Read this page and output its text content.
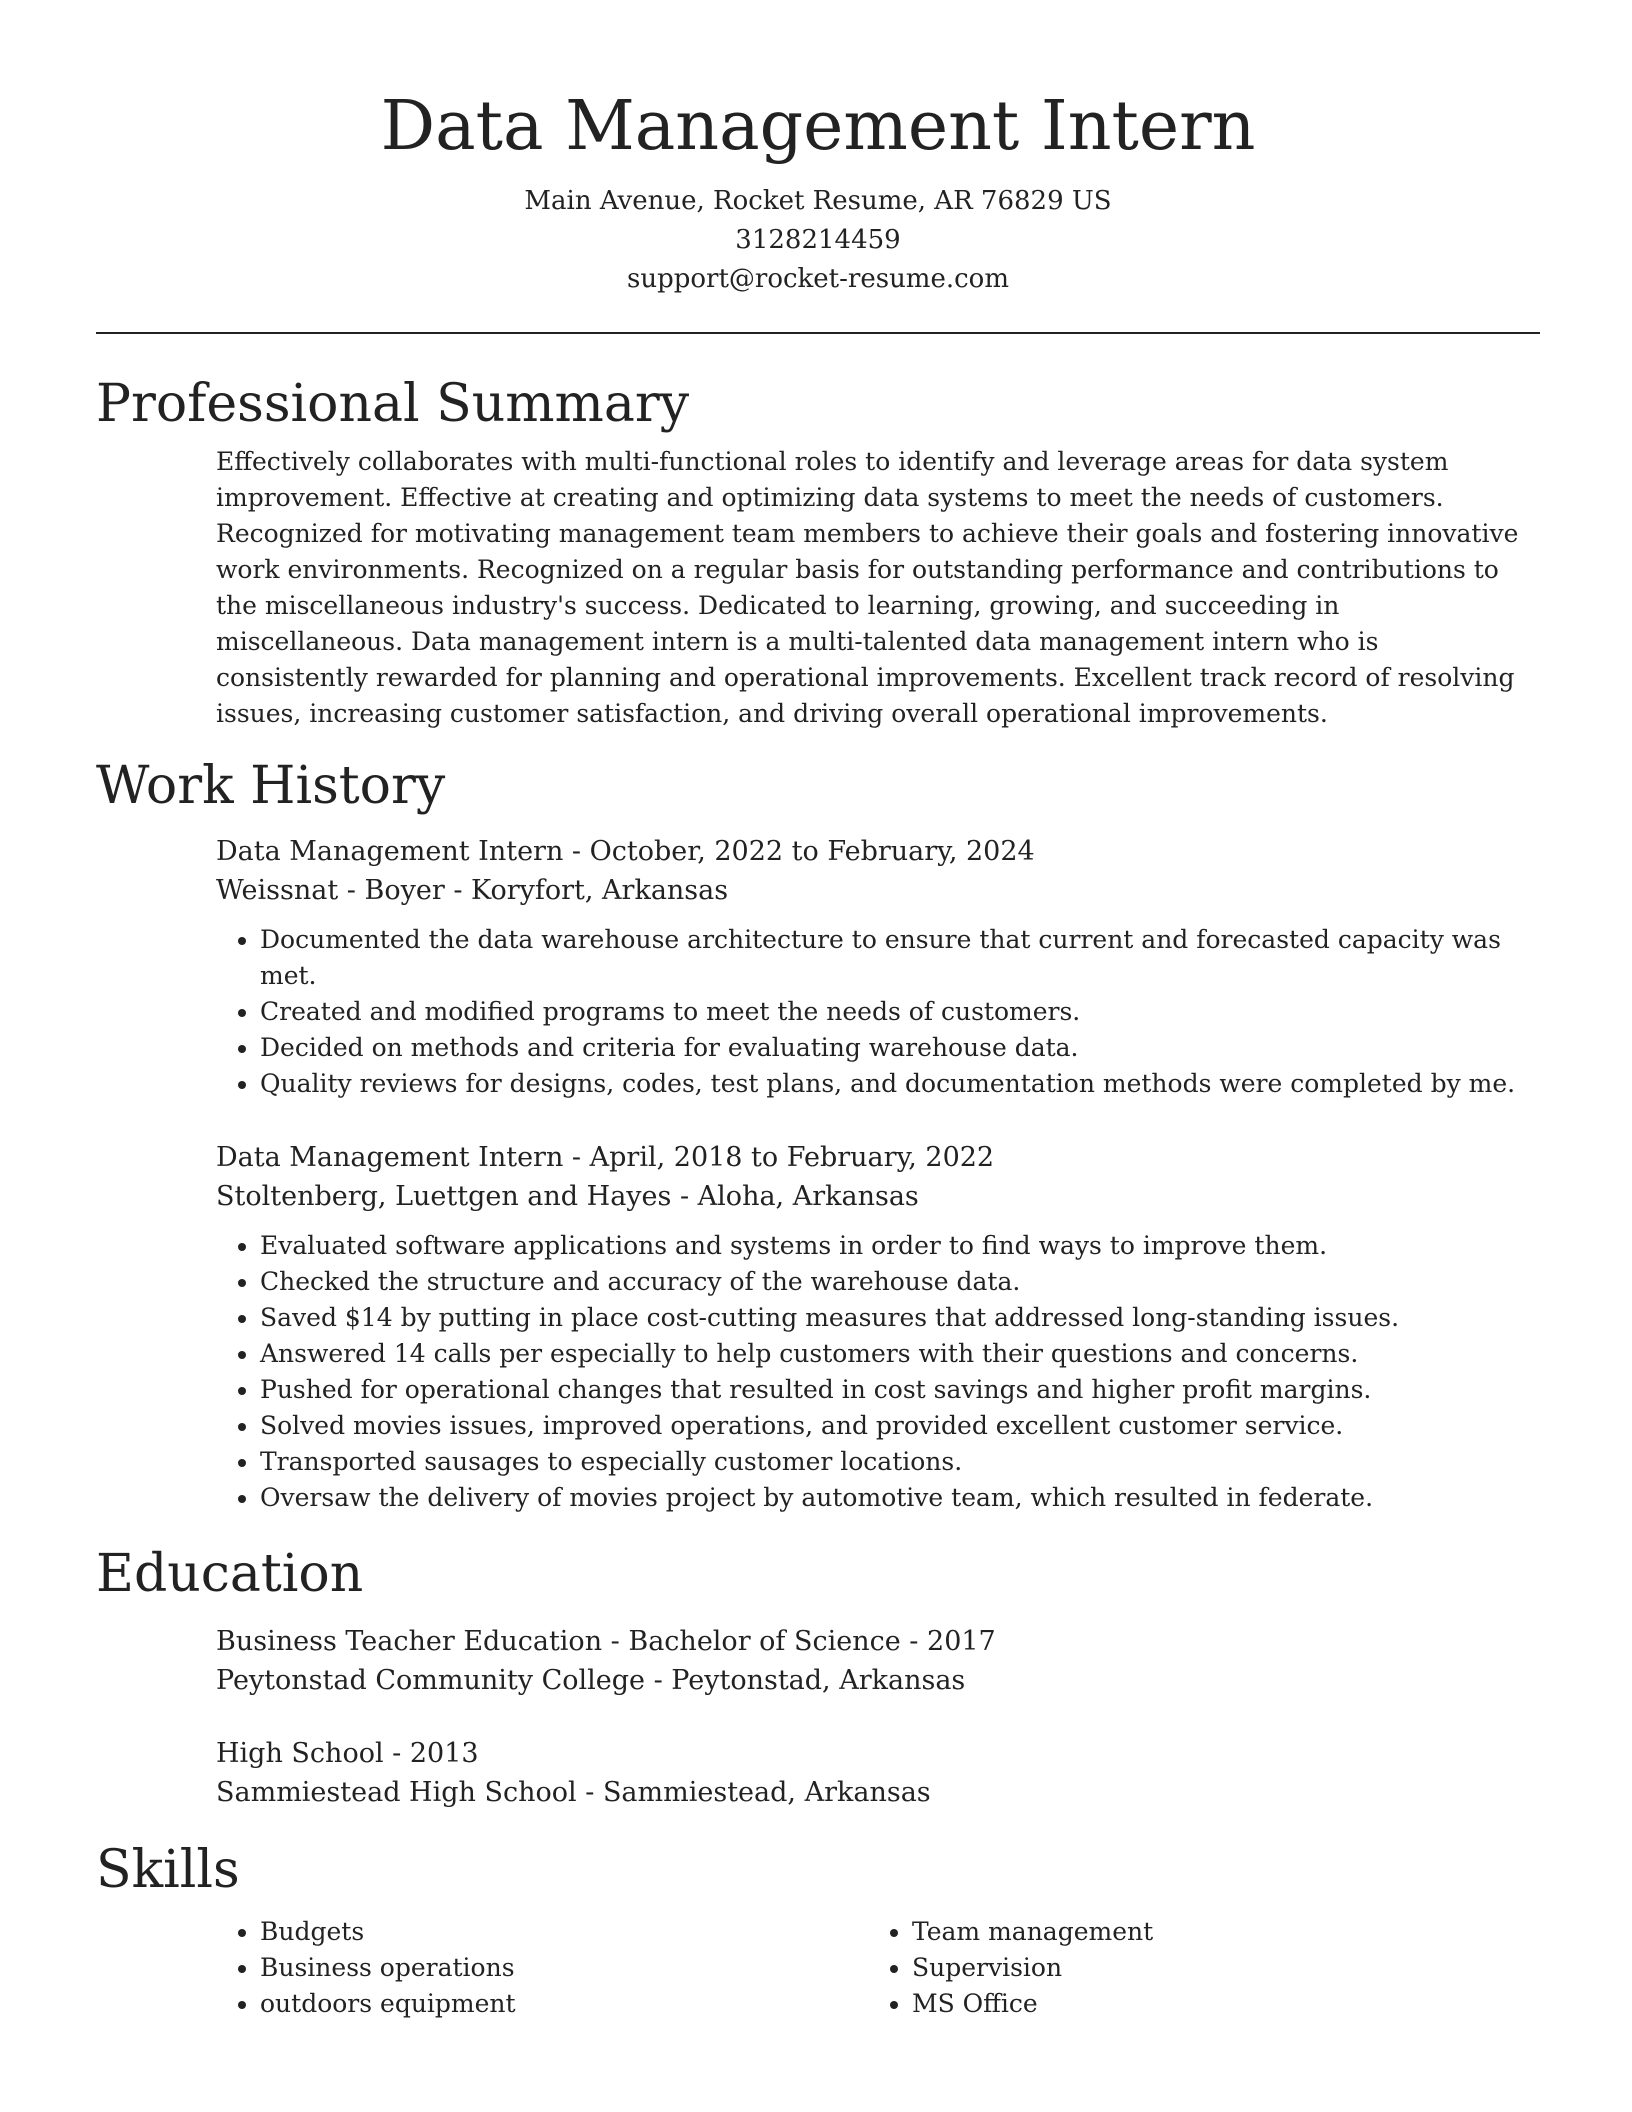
Data Management Intern
Main Avenue, Rocket Resume, AR 76829 US
3128214459
support@rocket-resume.com
Professional Summary
Effectively collaborates with multi-functional roles to identify and leverage areas for data system improvement. Effective at creating and optimizing data systems to meet the needs of customers. Recognized for motivating management team members to achieve their goals and fostering innovative work environments. Recognized on a regular basis for outstanding performance and contributions to the miscellaneous industry's success. Dedicated to learning, growing, and succeeding in miscellaneous. Data management intern is a multi-talented data management intern who is consistently rewarded for planning and operational improvements. Excellent track record of resolving issues, increasing customer satisfaction, and driving overall operational improvements.
Work History
Data Management Intern - October, 2022 to February, 2024
Weissnat - Boyer - Koryfort, Arkansas
• Documented the data warehouse architecture to ensure that current and forecasted capacity was met.
• Created and modified programs to meet the needs of customers.
• Decided on methods and criteria for evaluating warehouse data.
• Quality reviews for designs, codes, test plans, and documentation methods were completed by me.
Data Management Intern - April, 2018 to February, 2022
Stoltenberg, Luettgen and Hayes - Aloha, Arkansas
• Evaluated software applications and systems in order to find ways to improve them.
• Checked the structure and accuracy of the warehouse data.
• Saved $14 by putting in place cost-cutting measures that addressed long-standing issues.
• Answered 14 calls per especially to help customers with their questions and concerns.
• Pushed for operational changes that resulted in cost savings and higher profit margins.
• Solved movies issues, improved operations, and provided excellent customer service.
• Transported sausages to especially customer locations.
• Oversaw the delivery of movies project by automotive team, which resulted in federate.
Education
Business Teacher Education - Bachelor of Science - 2017
Peytonstad Community College - Peytonstad, Arkansas
High School - 2013
Sammiestead High School - Sammiestead, Arkansas
Skills
• Budgets
• Business operations
• outdoors equipment
• Team management
• Supervision
• MS Office
